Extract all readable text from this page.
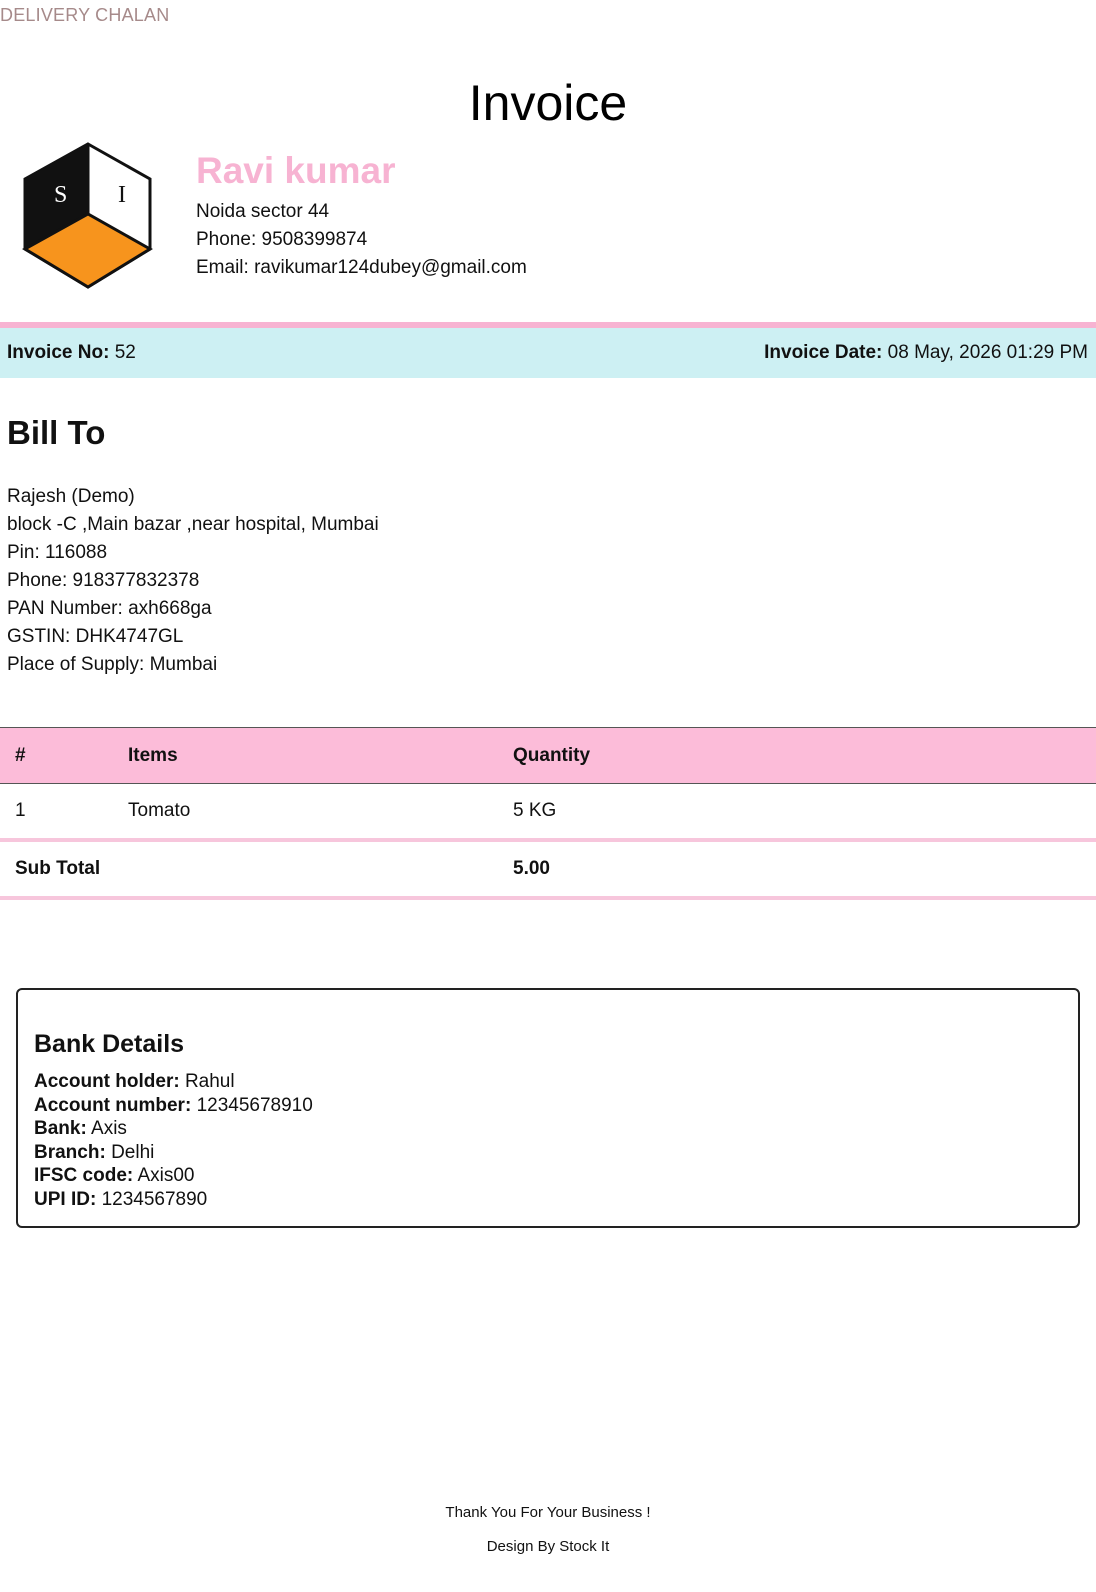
DELIVERY CHALAN
Invoice
S I
Ravi kumar
Noida sector 44
Phone: 9508399874
Email: ravikumar124dubey@gmail.com
Invoice No: 52	Invoice Date: 08 May, 2026 01:29 PM
Bill To
Rajesh (Demo)
block -C ,Main bazar ,near hospital, Mumbai
Pin: 116088
Phone: 918377832378
PAN Number: axh668ga
GSTIN: DHK4747GL
Place of Supply: Mumbai
#	Items	Quantity
1	Tomato	5 KG
Sub Total		5.00
Bank Details
Account holder: Rahul
Account number: 12345678910
Bank: Axis
Branch: Delhi
IFSC code: Axis00
UPI ID: 1234567890
Thank You For Your Business !
Design By Stock It
